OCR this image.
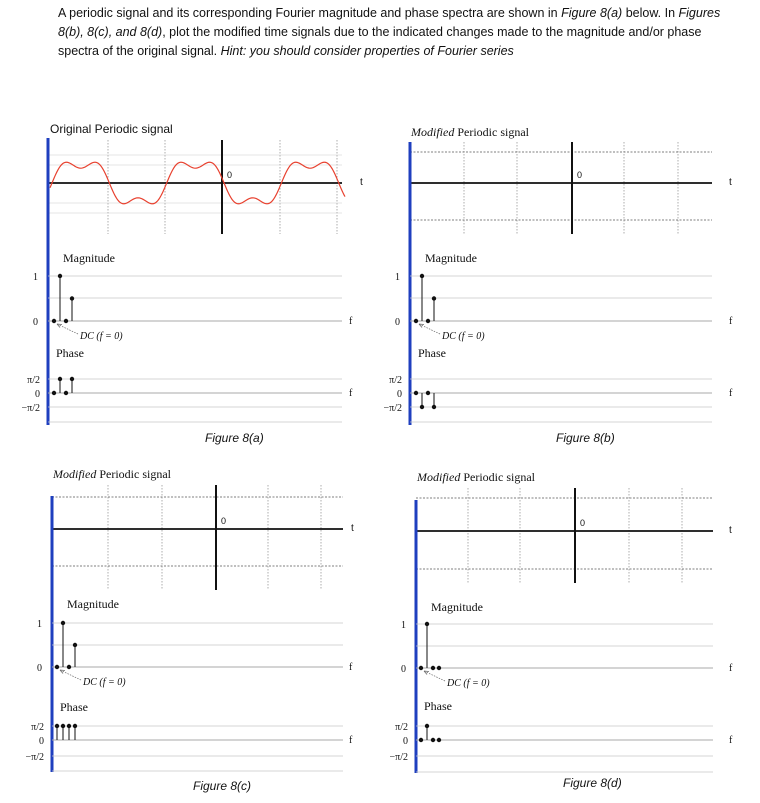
A periodic signal and its corresponding Fourier magnitude and phase spectra are shown in Figure 8(a) below. In Figures 8(b), 8(c), and 8(d), plot the modified time signals due to the indicated changes made to the magnitude and/or phase spectra of the original signal. Hint: you should consider properties of Fourier series
Original Periodic signal
0
t
Magnitude
1
0	f
DC (f = 0)
Phase
π/2
0
−π/2
f
Figure 8(a)
Modified Periodic signal
0
t
Magnitude
1
0	f
DC (f = 0)
Phase
π/2
0
−π/2
f
Figure 8(b)
Modified Periodic signal
0
t
Magnitude
1
0	f
DC (f = 0)
Phase
π/2
0
−π/2
f
Figure 8(c)
Modified Periodic signal
0
t
Magnitude
1
0	f
DC (f = 0)
Phase
π/2
0
−π/2
f
Figure 8(d)
